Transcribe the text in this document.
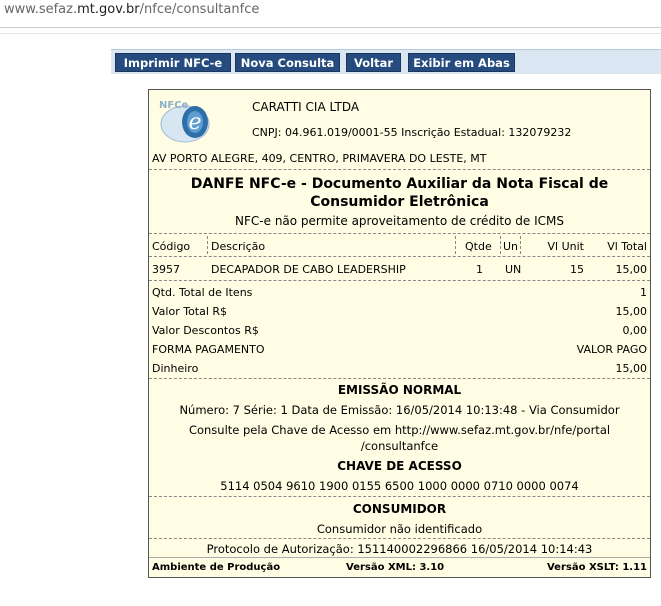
www.sefaz.mt.gov.br/nfce/consultanfce
Imprimir NFC-e	Nova Consulta	Voltar	Exibir em Abas
e
NFCe	CARATTI CIA LTDA
CNPJ: 04.961.019/0001-55 Inscrição Estadual: 132079232
AV PORTO ALEGRE, 409, CENTRO, PRIMAVERA DO LESTE, MT
DANFE NFC-e - Documento Auxiliar da Nota Fiscal de
Consumidor Eletrônica
NFC-e não permite aproveitamento de crédito de ICMS
Código Descrição	Qtde Un	Vl Unit	Vl Total
3957	DECAPADOR DE CABO LEADERSHIP	1 UN	15	15,00
Qtd. Total de Itens	1
Valor Total R$	15,00
Valor Descontos R$	0,00
FORMA PAGAMENTO	VALOR PAGO
Dinheiro	15,00
EMISSÃO NORMAL
Número: 7 Série: 1 Data de Emissão: 16/05/2014 10:13:48 - Via Consumidor
Consulte pela Chave de Acesso em http://www.sefaz.mt.gov.br/nfe/portal
/consultanfce
CHAVE DE ACESSO
5114 0504 9610 1900 0155 6500 1000 0000 0710 0000 0074
CONSUMIDOR
Consumidor não identificado
Protocolo de Autorização: 151140002296866 16/05/2014 10:14:43
Ambiente de Produção	Versão XML: 3.10	Versão XSLT: 1.11
